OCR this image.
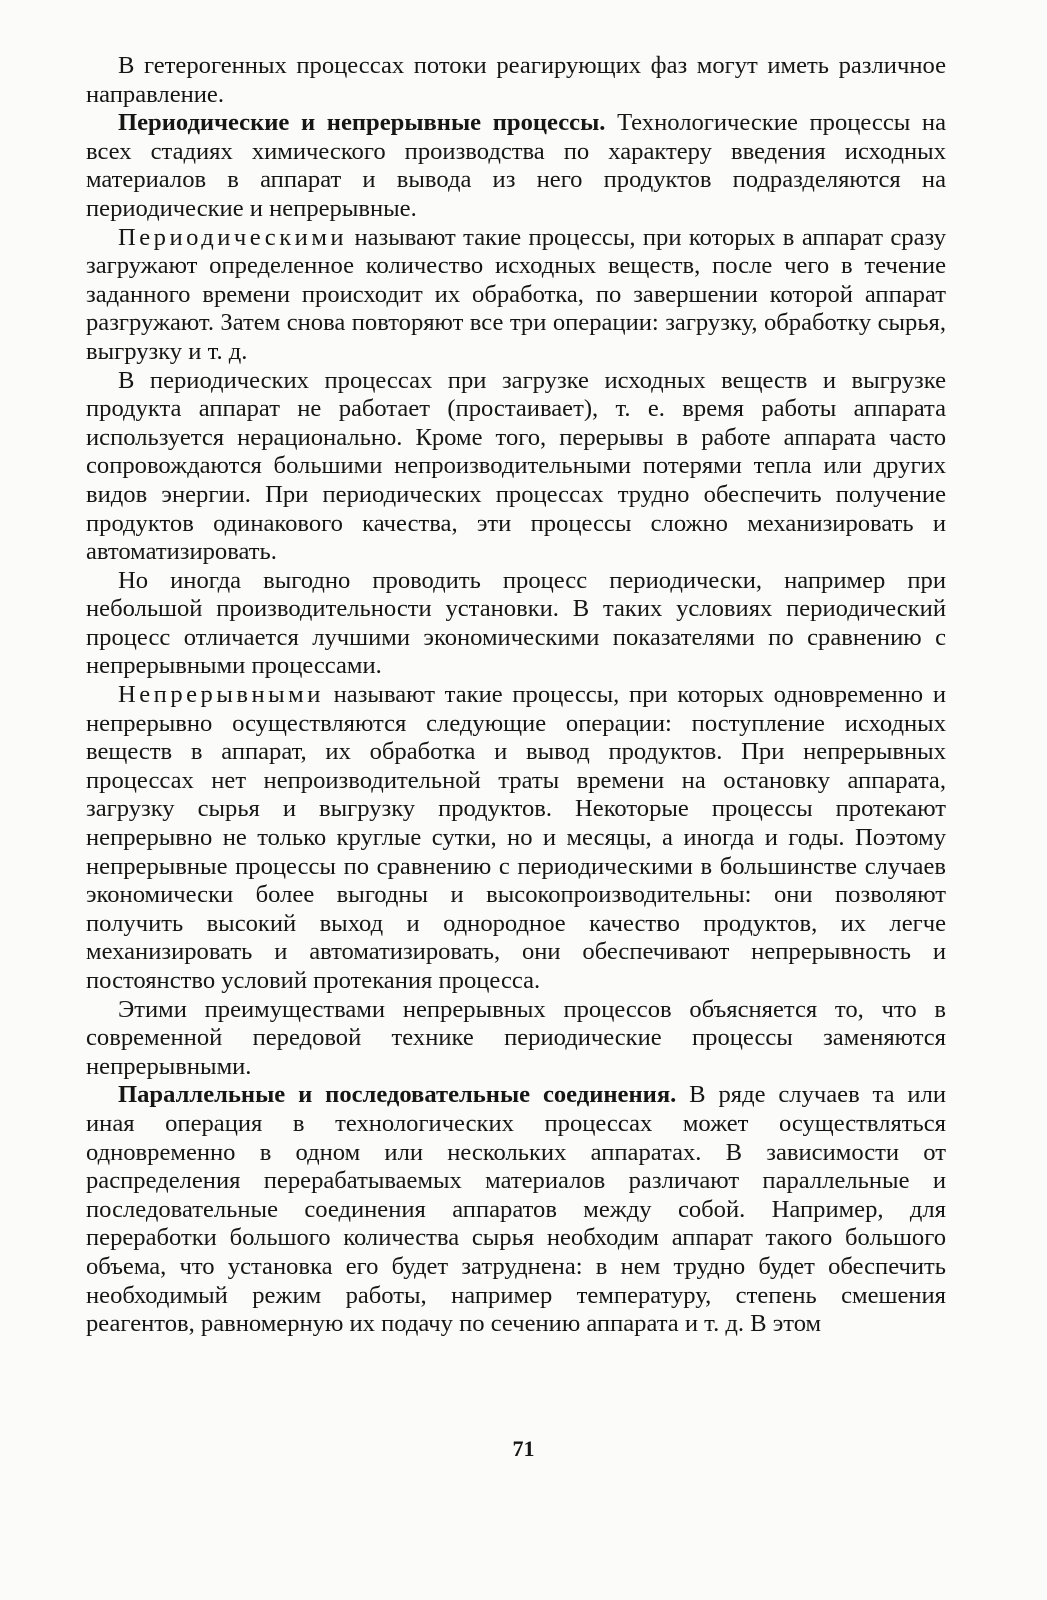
В гетерогенных процессах потоки реагирующих фаз могут иметь различное направление.

Периодические и непрерывные процессы. Технологические процессы на всех стадиях химического производства по характеру введения исходных материалов в аппарат и вывода из него продуктов подразделяются на периодические и непрерывные.

Периодическими называют такие процессы, при которых в аппарат сразу загружают определенное количество исходных веществ, после чего в течение заданного времени происходит их обработка, по завершении которой аппарат разгружают. Затем снова повторяют все три операции: загрузку, обработку сырья, выгрузку и т. д.

В периодических процессах при загрузке исходных веществ и выгрузке продукта аппарат не работает (простаивает), т. е. время работы аппарата используется нерационально. Кроме того, перерывы в работе аппарата часто сопровождаются большими непроизводительными потерями тепла или других видов энергии. При периодических процессах трудно обеспечить получение продуктов одинакового качества, эти процессы сложно механизировать и автоматизировать.

Но иногда выгодно проводить процесс периодически, например при небольшой производительности установки. В таких условиях периодический процесс отличается лучшими экономическими показателями по сравнению с непрерывными процессами.

Непрерывными называют такие процессы, при которых одновременно и непрерывно осуществляются следующие операции: поступление исходных веществ в аппарат, их обработка и вывод продуктов. При непрерывных процессах нет непроизводительной траты времени на остановку аппарата, загрузку сырья и выгрузку продуктов. Некоторые процессы протекают непрерывно не только круглые сутки, но и месяцы, а иногда и годы. Поэтому непрерывные процессы по сравнению с периодическими в большинстве случаев экономически более выгодны и высокопроизводительны: они позволяют получить высокий выход и однородное качество продуктов, их легче механизировать и автоматизировать, они обеспечивают непрерывность и постоянство условий протекания процесса.

Этими преимуществами непрерывных процессов объясняется то, что в современной передовой технике периодические процессы заменяются непрерывными.

Параллельные и последовательные соединения. В ряде случаев та или иная операция в технологических процессах может осуществляться одновременно в одном или нескольких аппаратах. В зависимости от распределения перерабатываемых материалов различают параллельные и последовательные соединения аппаратов между собой. Например, для переработки большого количества сырья необходим аппарат такого большого объема, что установка его будет затруднена: в нем трудно будет обеспечить необходимый режим работы, например температуру, степень смешения реагентов, равномерную их подачу по сечению аппарата и т. д. В этом

71
